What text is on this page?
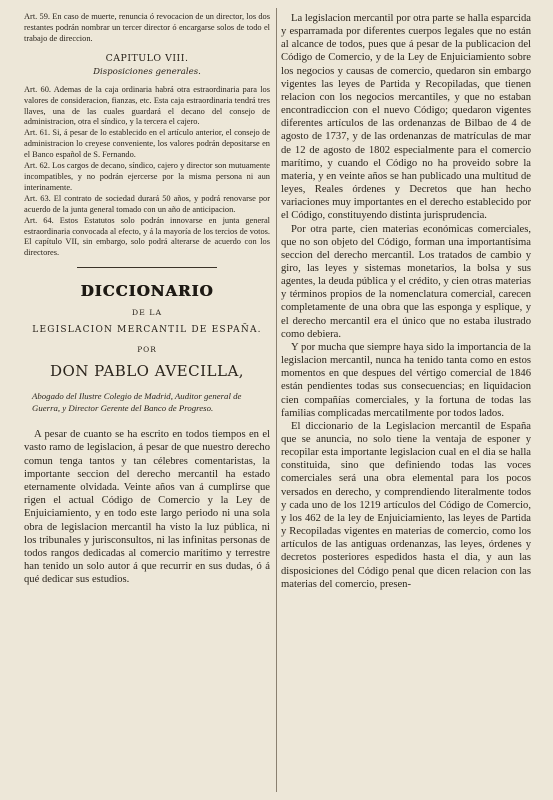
Art. 59. En caso de muerte, renuncia ó revocacion de un director, los dos restantes podrán nombrar un tercer director ó encargarse solos de todo el trabajo de direccion.

CAPITULO VIII.
Disposiciones generales.

Art. 60. Ademas de la caja ordinaria habrá otra estraordinaria para los valores de consideracion, fianzas, etc. Esta caja estraordinaria tendrá tres llaves, una de las cuales guardará el decano del consejo de administracion, otra el síndico, y la tercera el cajero.

Art. 61. Si, á pesar de lo establecido en el artículo anterior, el consejo de administracion lo creyese conveniente, los valores podrán depositarse en el Banco español de S. Fernando.

Art. 62. Los cargos de decano, síndico, cajero y director son mutuamente incompatibles, y no podrán ejercerse por la misma persona ni aun interinamente.

Art. 63. El contrato de sociedad durará 50 años, y podrá renovarse por acuerdo de la junta general tomado con un año de anticipacion.

Art. 64. Estos Estatutos solo podrán innovarse en junta general estraordinaria convocada al efecto, y á la mayoría de los tercios de votos. El capítulo VII, sin embargo, solo podrá alterarse de acuerdo con los directores.

DICCIONARIO
DE LA
LEGISLACION MERCANTIL DE ESPAÑA.
POR
DON PABLO AVECILLA,
Abogado del Ilustre Colegio de Madrid, Auditor general de Guerra, y Director Gerente del Banco de Progreso.

A pesar de cuanto se ha escrito en todos tiempos en el vasto ramo de legislacion, á pesar de que nuestro derecho comun tenga tantos y tan célebres comentaristas, la importante seccion del derecho mercantil ha estado eternamente olvidada. Veinte años van á cumplirse que rigen el actual Código de Comercio y la Ley de Enjuiciamiento, y en todo este largo periodo ni una sola obra de legislacion mercantil ha visto la luz pública, ni los tribunales y jurisconsultos, ni las infinitas personas de todos rangos dedicadas al comercio marítimo y terrestre han tenido un solo autor á que recurrir en sus dudas, ó á qué dedicar sus estudios.

La legislacion mercantil por otra parte se halla esparcida y esparramada por diferentes cuerpos legales que no están al alcance de todos, pues que á pesar de la publicacion del Código de Comercio, y de la Ley de Enjuiciamiento sobre los negocios y causas de comercio, quedaron sin embargo vigentes las leyes de Partida y Recopiladas, que tienen relacion con los negocios mercantiles, y que no estaban encontradiccion con el nuevo Código; quedaron vigentes diferentes artículos de las ordenanzas de Bilbao de 4 de agosto de 1737, y de las ordenanzas de matrículas de mar de 12 de agosto de 1802 especialmente para el comercio marítimo, y cuando el Código no ha proveido sobre la materia, y en veinte años se han publicado una multitud de leyes, Reales órdenes y Decretos que han hecho variaciones muy importantes en el derecho establecido por el Código, constituyendo distinta jurisprudencia.

Por otra parte, cien materias económicas comerciales, que no son objeto del Código, forman una importantísima seccion del derecho mercantil. Los tratados de cambio y giro, las leyes y sistemas monetarios, la bolsa y sus agentes, la deuda pública y el crédito, y cien otras materias y términos propios de la nomenclatura comercial, carecen completamente de una obra que las esponga y esplique, y el derecho mercantil era el único que no estaba ilustrado como debiera.

Y por mucha que siempre haya sido la importancia de la legislacion mercantil, nunca ha tenido tanta como en estos momentos en que despues del vértigo comercial de 1846 están pendientes todas sus consecuencias; en liquidacion cien compañías comerciales, y la fortuna de todas las familias complicadas mercatilmente por todos lados.

El diccionario de la Legislacion mercantil de España que se anuncia, no solo tiene la ventaja de esponer y recopilar esta importante legislacion cual en el dia se halla constituida, sino que definiendo todas las voces comerciales será una obra elemental para los pocos versados en derecho, y comprendiendo literalmente todos y cada uno de los 1219 artículos del Código de Comercio, y los 462 de la ley de Enjuiciamiento, las leyes de Partida y Recopiladas vigentes en materias de comercio, como los artículos de las antiguas ordenanzas, las leyes, órdenes y decretos posteriores espedidos hasta el dia, y aun las disposiciones del Código penal que dicen relacion con las materias del comercio, presen-
